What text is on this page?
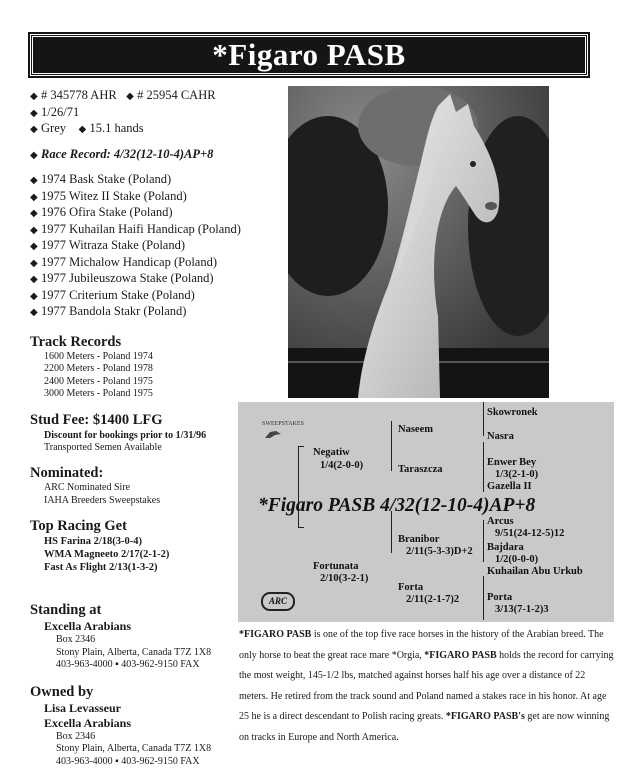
*Figaro PASB

◆ # 345778 AHR ◆ # 25954 CAHR

◆ 1/26/71

◆ Grey ◆ 15.1 hands

◆ Race Record: 4/32(12-10-4)AP+8

◆ 1974 Bask Stake (Poland)

◆ 1975 Witez II Stake (Poland)

◆ 1976 Ofira Stake (Poland)

◆ 1977 Kuhailan Haifi Handicap (Poland)

◆ 1977 Witraza Stake (Poland)

◆ 1977 Michalow Handicap (Poland)

◆ 1977 Jubileuszowa Stake (Poland)

◆ 1977 Criterium Stake (Poland)

◆ 1977 Bandola Stakr (Poland)

Track Records
1600 Meters - Poland 1974
2200 Meters - Poland 1978
2400 Meters - Poland 1975
3000 Meters - Poland 1975
Stud Fee: $1400 LFG
Discount for bookings prior to 1/31/96
Transported Semen Available
Nominated:
ARC Nominated Sire
IAHA Breeders Sweepstakes
Top Racing Get
HS Farina 2/18(3-0-4)
WMA Magneeto 2/17(2-1-2)
Fast As Flight 2/13(1-3-2)
Standing at
Excella Arabians
Box 2346
Stony Plain, Alberta, Canada T7Z 1X8
403-963-4000 ▪ 403-962-9150 FAX
Owned by
Lisa Levasseur
Excella Arabians
Box 2346
Stony Plain, Alberta, Canada T7Z 1X8
403-963-4000 ▪ 403-962-9150 FAX
SWEEPSTAKES
Negatiw
1/4(2-0-0)
Naseem
Skowronek
Nasra
Taraszcza
Enwer Bey
1/3(2-1-0)
Gazella II
*Figaro PASB 4/32(12-10-4)AP+8
Arcus
9/51(24-12-5)12
Branibor
2/11(5-3-3)D+2 Bajdara
1/2(0-0-0)
Kuhailan Abu Urkub
Fortunata
2/10(3-2-1)
Forta
2/11(2-1-7)2	Porta
3/13(7-1-2)3
ARC

*FIGARO PASB is one of the top five race horses in the history of the Arabian breed. The only horse to beat the great race mare *Orgia, *FIGARO PASB holds the record for carrying the most weight, 145-1/2 lbs, matched against horses half his age over a distance of 22 meters. He retired from the track sound and Poland named a stakes race in his honor. At age 25 he is a direct descendant to Polish racing greats. *FIGARO PASB's get are now winning on tracks in Europe and North America.
